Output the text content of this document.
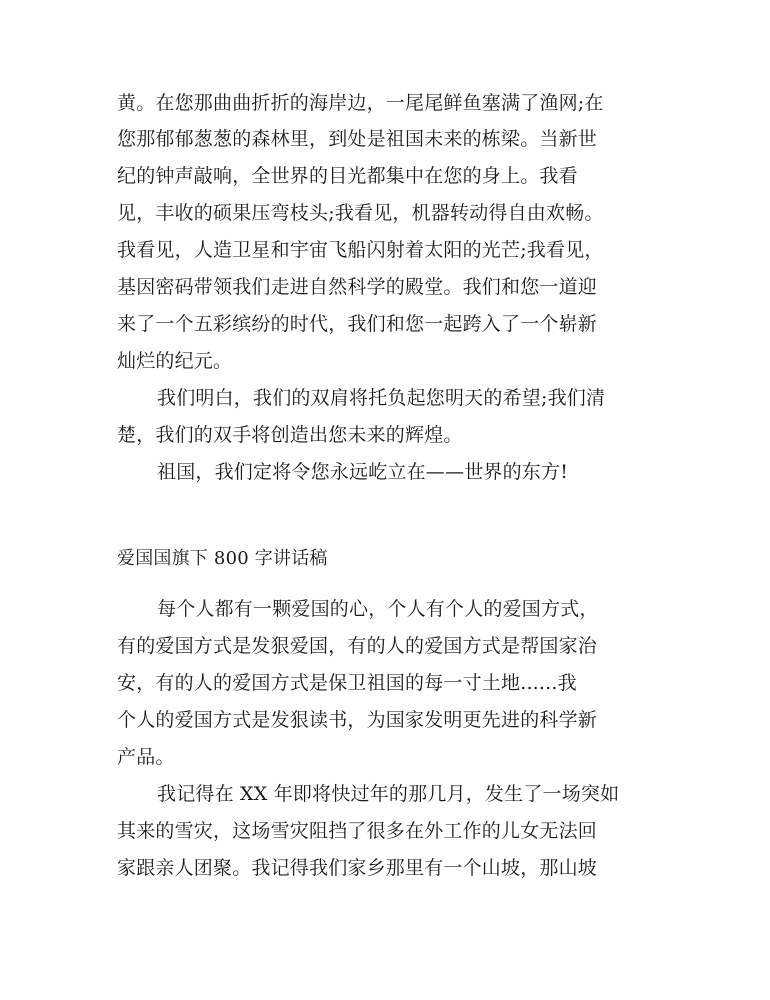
黄。在您那曲曲折折的海岸边，一尾尾鲜鱼塞满了渔网;在
您那郁郁葱葱的森林里，到处是祖国未来的栋梁。当新世
纪的钟声敲响，全世界的目光都集中在您的身上。我看
见，丰收的硕果压弯枝头;我看见，机器转动得自由欢畅。
我看见，人造卫星和宇宙飞船闪射着太阳的光芒;我看见，
基因密码带领我们走进自然科学的殿堂。我们和您一道迎
来了一个五彩缤纷的时代，我们和您一起跨入了一个崭新
灿烂的纪元。
我们明白，我们的双肩将托负起您明天的希望;我们清
楚，我们的双手将创造出您未来的辉煌。
祖国，我们定将令您永远屹立在——世界的东方!
爱国国旗下 800 字讲话稿
每个人都有一颗爱国的心，个人有个人的爱国方式，
有的爱国方式是发狠爱国，有的人的爱国方式是帮国家治
安，有的人的爱国方式是保卫祖国的每一寸土地......我
个人的爱国方式是发狠读书，为国家发明更先进的科学新
产品。
我记得在 XX 年即将快过年的那几月，发生了一场突如
其来的雪灾，这场雪灾阻挡了很多在外工作的儿女无法回
家跟亲人团聚。我记得我们家乡那里有一个山坡，那山坡
